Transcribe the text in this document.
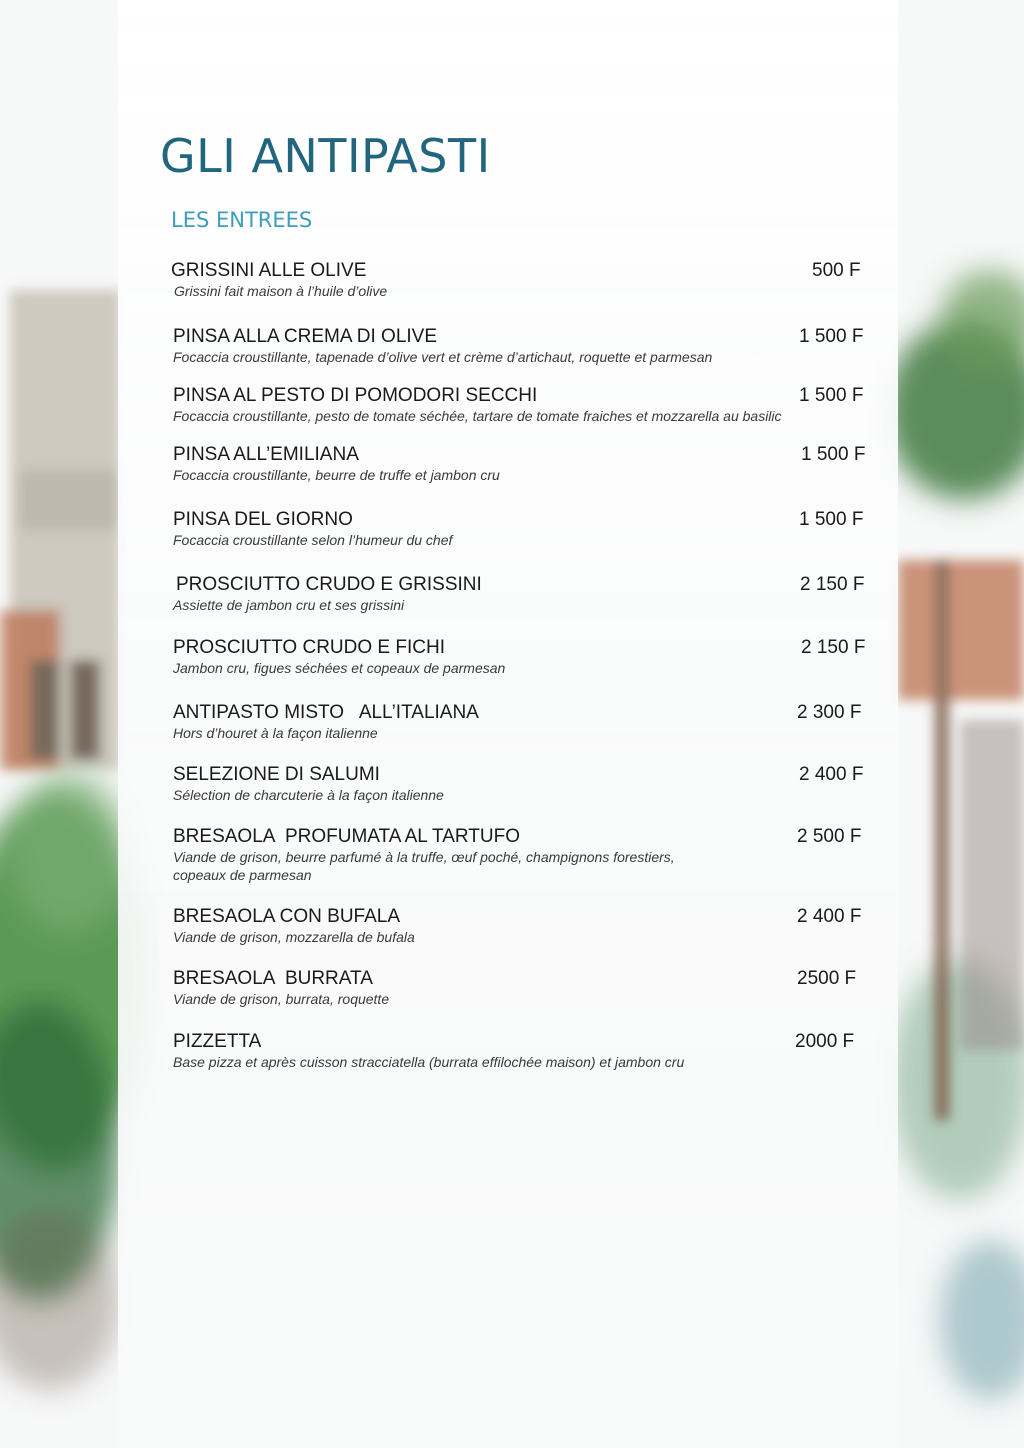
GLI ANTIPASTI
LES ENTREES
GRISSINI ALLE OLIVE	500 F
Grissini fait maison à l’huile d’olive
PINSA ALLA CREMA DI OLIVE	1 500 F
Focaccia croustillante, tapenade d’olive vert et crème d’artichaut, roquette et parmesan
PINSA AL PESTO DI POMODORI SECCHI	1 500 F
Focaccia croustillante, pesto de tomate séchée, tartare de tomate fraiches et mozzarella au basilic
PINSA ALL’EMILIANA	1 500 F
Focaccia croustillante, beurre de truffe et jambon cru
PINSA DEL GIORNO	1 500 F
Focaccia croustillante selon l’humeur du chef
PROSCIUTTO CRUDO E GRISSINI	2 150 F
Assiette de jambon cru et ses grissini
PROSCIUTTO CRUDO E FICHI	2 150 F
Jambon cru, figues séchées et copeaux de parmesan
ANTIPASTO MISTO   ALL’ITALIANA	2 300 F
Hors d’houret à la façon italienne
SELEZIONE DI SALUMI	2 400 F
Sélection de charcuterie à la façon italienne
BRESAOLA  PROFUMATA AL TARTUFO	2 500 F
Viande de grison, beurre parfumé à la truffe, œuf poché, champignons forestiers,
copeaux de parmesan
BRESAOLA CON BUFALA	2 400 F
Viande de grison, mozzarella de bufala
BRESAOLA  BURRATA	2500 F
Viande de grison, burrata, roquette
PIZZETTA	2000 F
Base pizza et après cuisson stracciatella (burrata effilochée maison) et jambon cru
